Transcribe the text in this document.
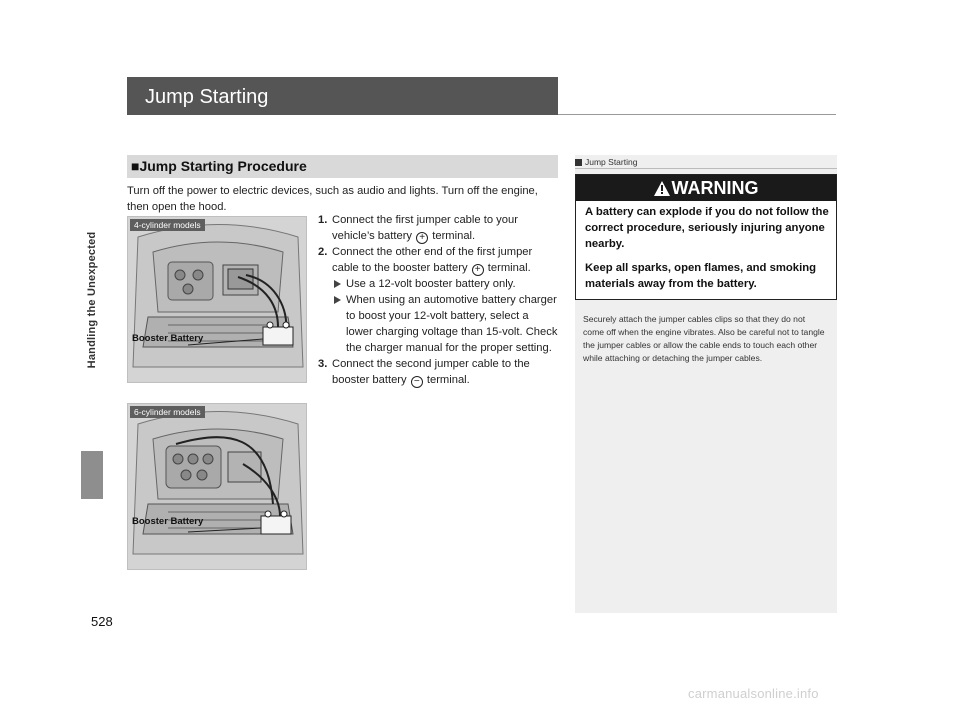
Handling the Unexpected
Jump Starting
■Jump Starting Procedure
Turn off the power to electric devices, such as audio and lights. Turn off the engine, then open the hood.
1. Connect the first jumper cable to your vehicle’s battery + terminal.
2. Connect the other end of the first jumper cable to the booster battery + terminal.
Use a 12-volt booster battery only.
When using an automotive battery charger to boost your 12-volt battery, select a lower charging voltage than 15-volt. Check the charger manual for the proper setting.
3. Connect the second jumper cable to the booster battery − terminal.
4-cylinder models
Booster Battery
6-cylinder models
Booster Battery
Jump Starting
WARNING

A battery can explode if you do not follow the correct procedure, seriously injuring anyone nearby.

Keep all sparks, open flames, and smoking materials away from the battery.

Securely attach the jumper cables clips so that they do not come off when the engine vibrates. Also be careful not to tangle the jumper cables or allow the cable ends to touch each other while attaching or detaching the jumper cables.
528
carmanualsonline.info
